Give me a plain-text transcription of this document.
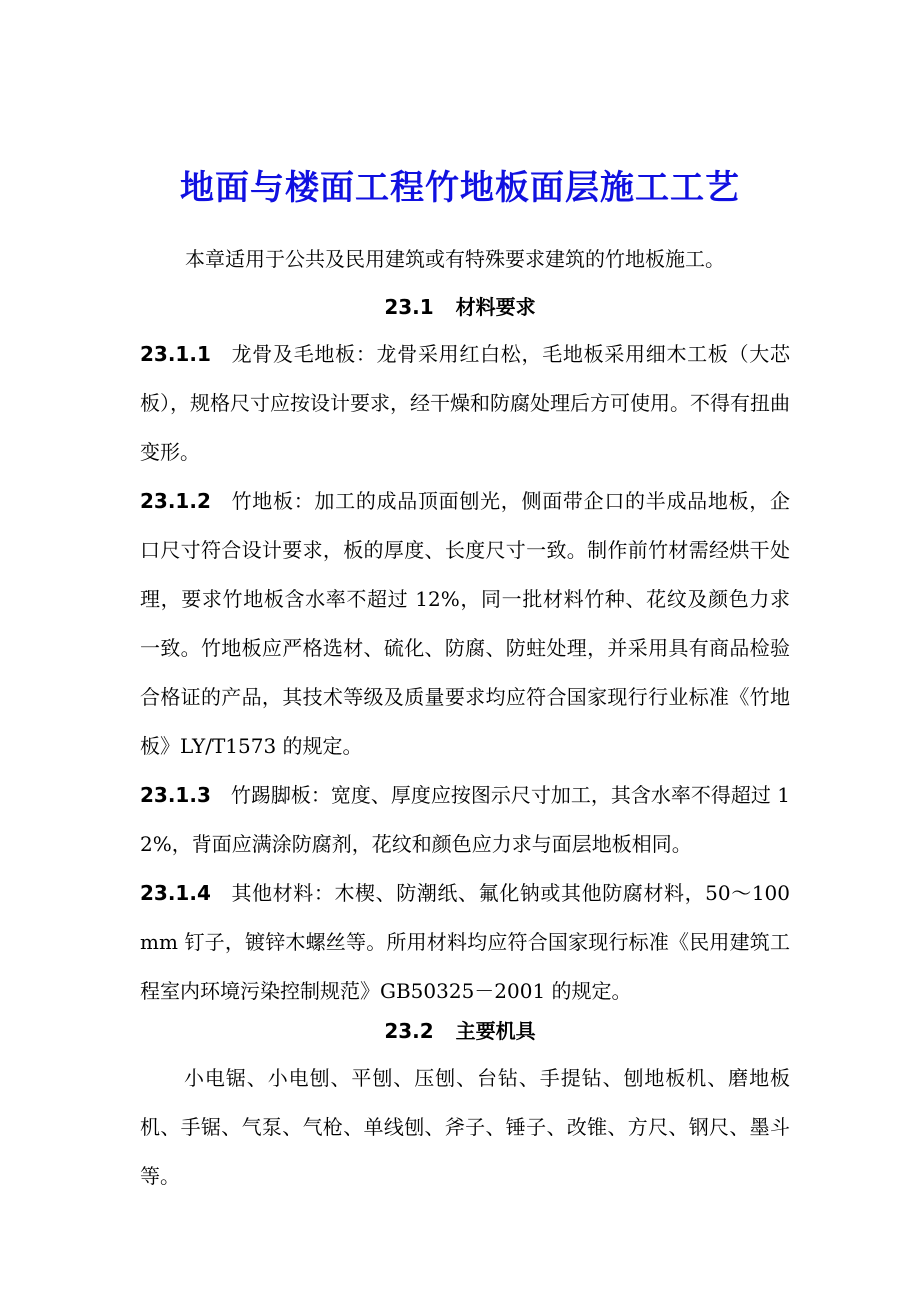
地面与楼面工程竹地板面层施工工艺
本章适用于公共及民用建筑或有特殊要求建筑的竹地板施工。
23.1 材料要求
23.1.1 龙骨及毛地板：龙骨采用红白松，毛地板采用细木工板（大芯板），规格尺寸应按设计要求，经干燥和防腐处理后方可使用。不得有扭曲变形。
23.1.2 竹地板：加工的成品顶面刨光，侧面带企口的半成品地板，企口尺寸符合设计要求，板的厚度、长度尺寸一致。制作前竹材需经烘干处理，要求竹地板含水率不超过 12%，同一批材料竹种、花纹及颜色力求一致。竹地板应严格选材、硫化、防腐、防蛀处理，并采用具有商品检验合格证的产品，其技术等级及质量要求均应符合国家现行行业标准《竹地板》LY/T1573 的规定。
23.1.3 竹踢脚板：宽度、厚度应按图示尺寸加工，其含水率不得超过 12%，背面应满涂防腐剂，花纹和颜色应力求与面层地板相同。
23.1.4 其他材料：木楔、防潮纸、氟化钠或其他防腐材料，50～100mm 钉子，镀锌木螺丝等。所用材料均应符合国家现行标准《民用建筑工程室内环境污染控制规范》GB50325－2001 的规定。
23.2 主要机具
小电锯、小电刨、平刨、压刨、台钻、手提钻、刨地板机、磨地板机、手锯、气泵、气枪、单线刨、斧子、锤子、改锥、方尺、钢尺、墨斗等。
